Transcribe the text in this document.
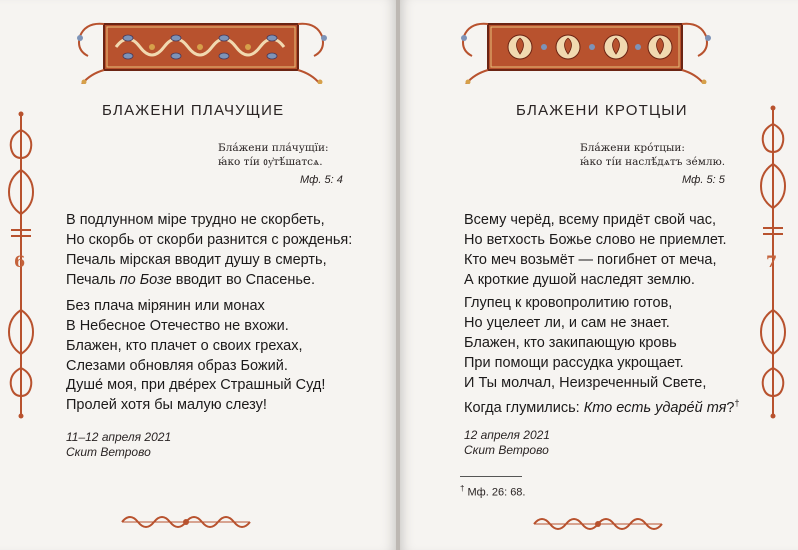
БЛАЖЕНИ ПЛАЧУЩИЕ
Бла́жени пла́чущїи:
ꙗ́ко ті́и ᲂу҆тѣ́шатсѧ.
Мф. 5: 4
6
В подлунном міре трудно не скорбеть,
Но скорбь от скорби разнится с рожденья:
Печаль мірская вводит душу в смерть,
Печаль по Бозе вводит во Спасенье.
Без плача мірянин или монах
В Небесное Отечество не вхожи.
Блажен, кто плачет о своих грехах,
Слезами обновляя образ Божий.
Душе́ моя, при две́рех Страшный Суд!
Пролей хотя бы малую слезу!
11–12 апреля 2021
Скит Ветрово
БЛАЖЕНИ КРОТЦЫИ
Бла́жени кро́тцыи:
ꙗ́ко ті́и наслѣ́дѧтъ зе́млю.
Мф. 5: 5
7
Всему черёд, всему придёт свой час,
Но ветхость Божье слово не приемлет.
Кто меч возьмёт — погибнет от меча,
А кроткие душой наследят землю.
Глупец к кровопролитию готов,
Но уцелеет ли, и сам не знает.
Блажен, кто закипающую кровь
При помощи рассудка укрощает.
И Ты молчал, Неизреченный Свете,
Когда глумились: Кто есть ударе́й тя?†
12 апреля 2021
Скит Ветрово
† Мф. 26: 68.
